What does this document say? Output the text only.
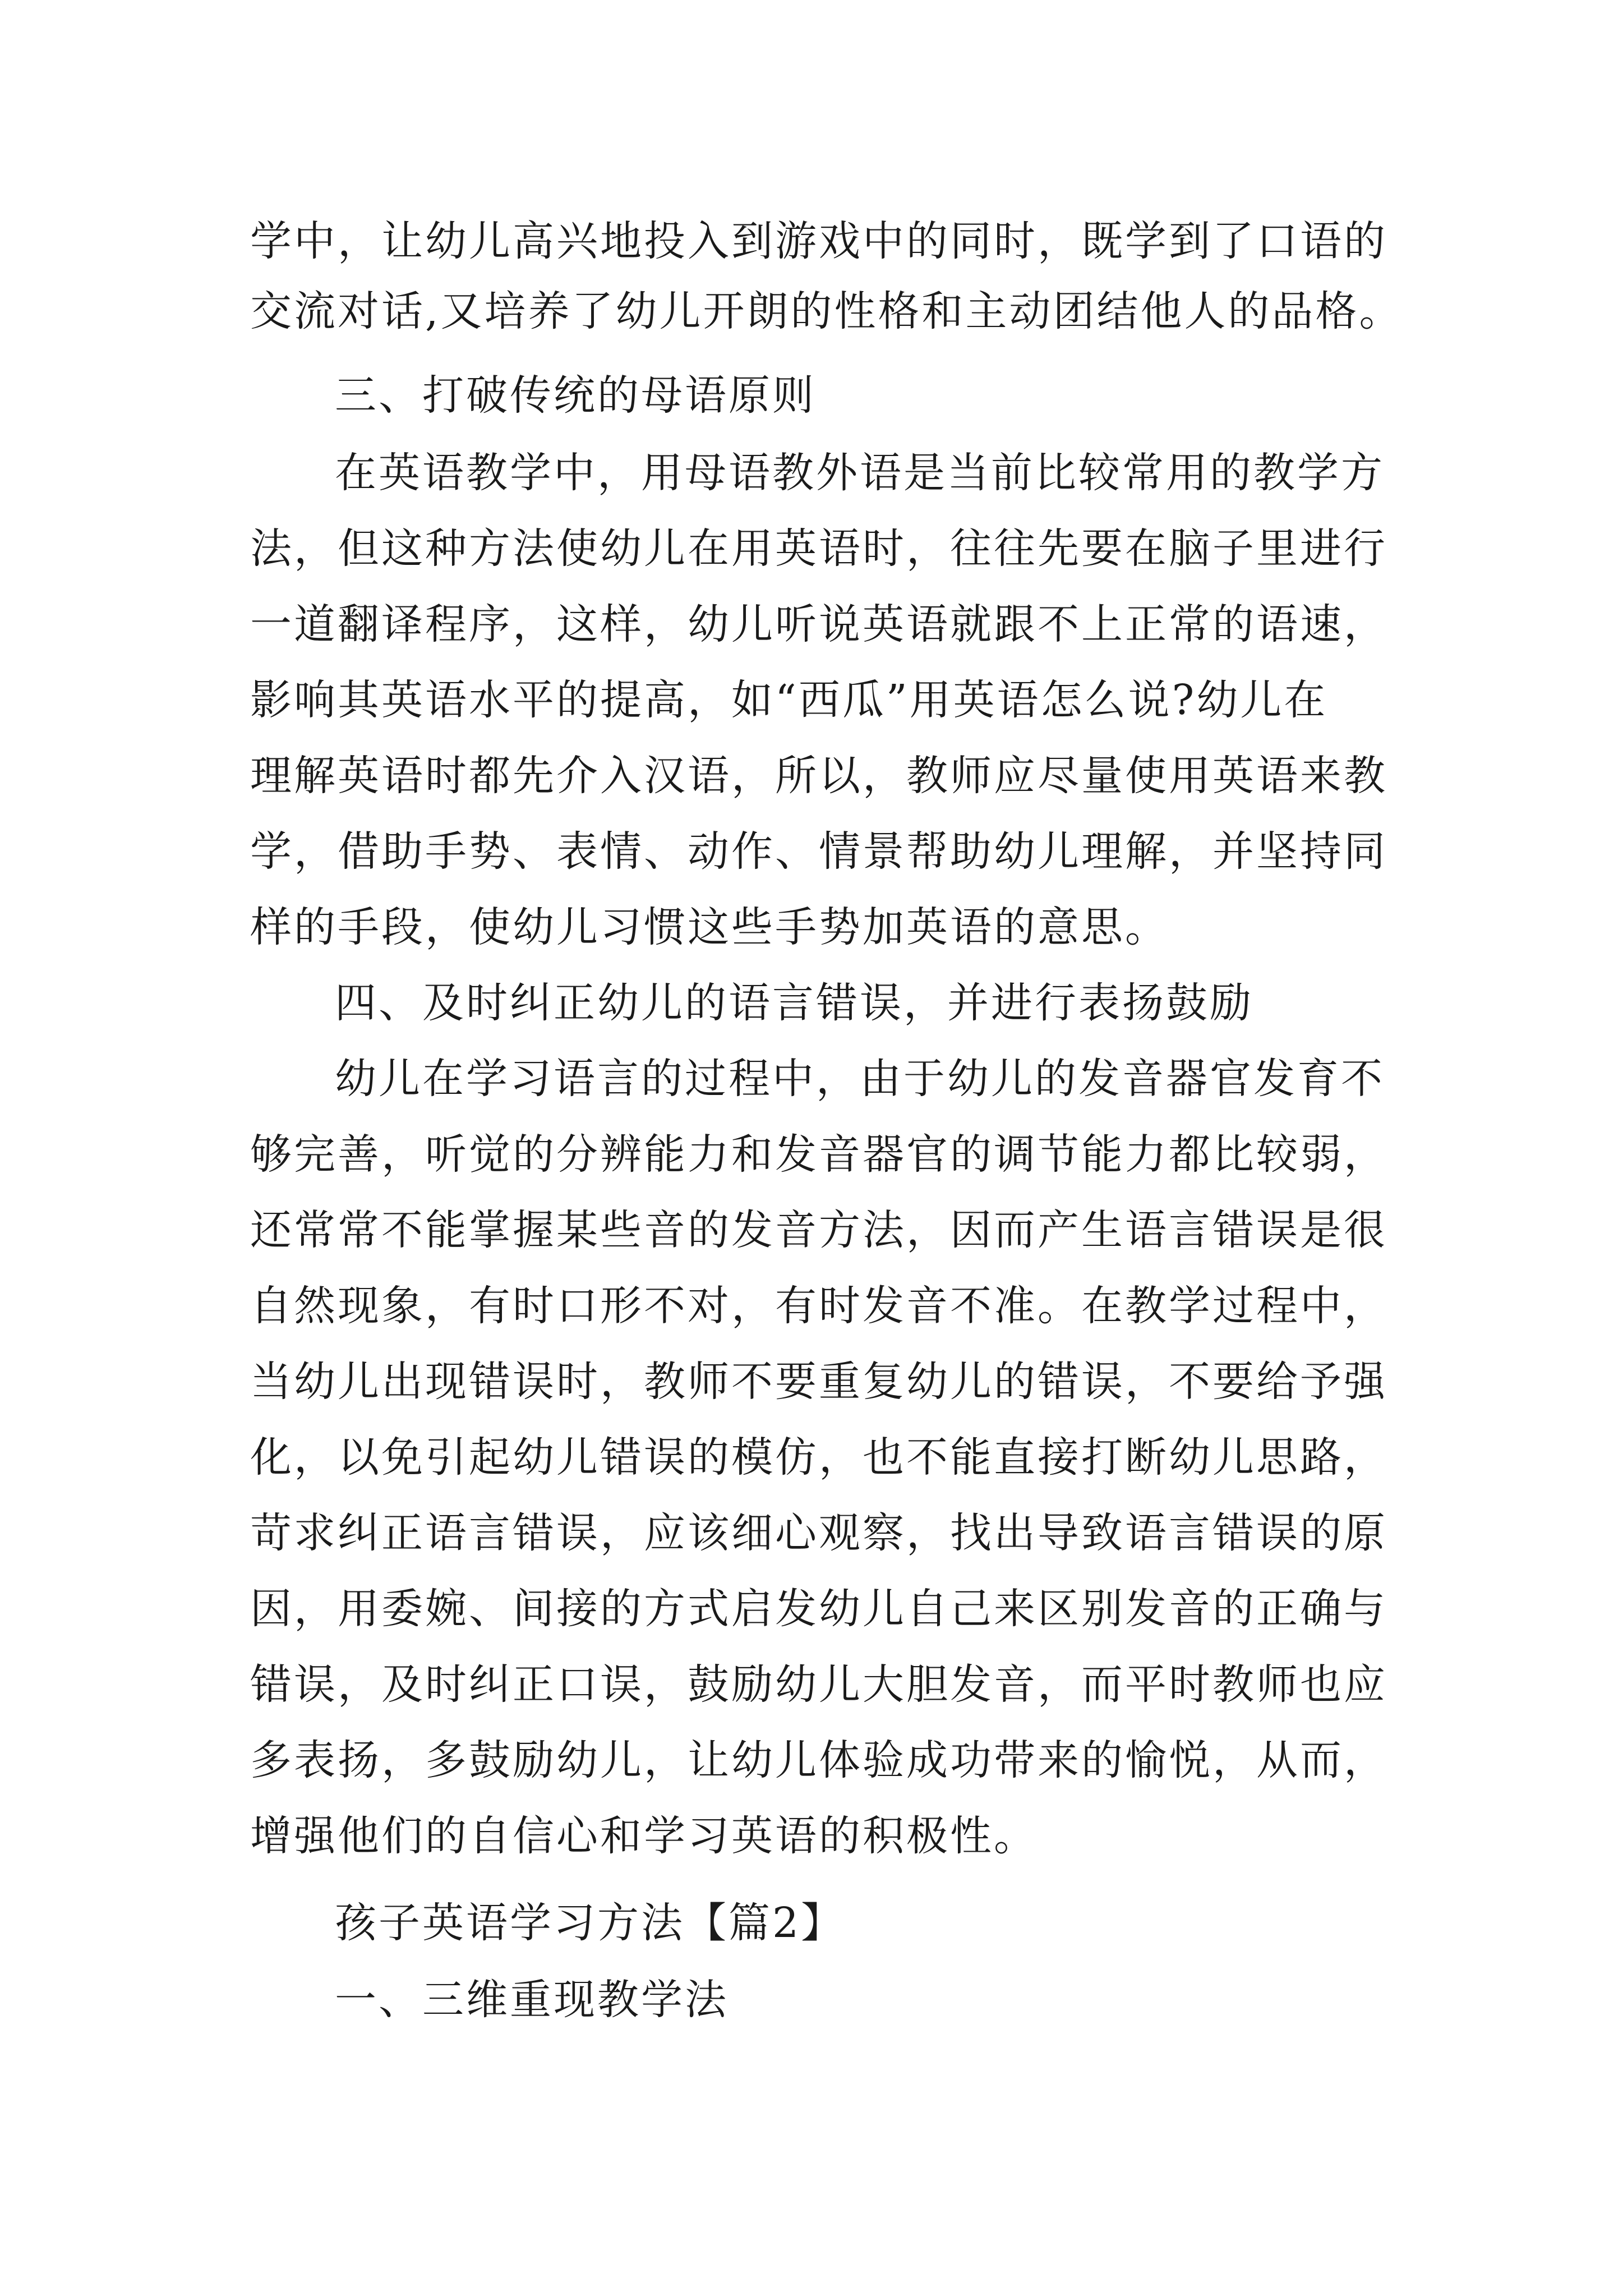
学中，让幼儿高兴地投入到游戏中的同时，既学到了口语的

交流对话,又培养了幼儿开朗的性格和主动团结他人的品格。

三、打破传统的母语原则

在英语教学中，用母语教外语是当前比较常用的教学方

法，但这种方法使幼儿在用英语时，往往先要在脑子里进行

一道翻译程序，这样，幼儿听说英语就跟不上正常的语速，

影响其英语水平的提高，如“西瓜”用英语怎么说?幼儿在

理解英语时都先介入汉语，所以，教师应尽量使用英语来教

学，借助手势、表情、动作、情景帮助幼儿理解，并坚持同

样的手段，使幼儿习惯这些手势加英语的意思。

四、及时纠正幼儿的语言错误，并进行表扬鼓励

幼儿在学习语言的过程中，由于幼儿的发音器官发育不

够完善，听觉的分辨能力和发音器官的调节能力都比较弱，

还常常不能掌握某些音的发音方法，因而产生语言错误是很

自然现象，有时口形不对，有时发音不准。在教学过程中，

当幼儿出现错误时，教师不要重复幼儿的错误，不要给予强

化，以免引起幼儿错误的模仿，也不能直接打断幼儿思路，

苛求纠正语言错误，应该细心观察，找出导致语言错误的原

因，用委婉、间接的方式启发幼儿自己来区别发音的正确与

错误，及时纠正口误，鼓励幼儿大胆发音，而平时教师也应

多表扬，多鼓励幼儿，让幼儿体验成功带来的愉悦，从而，

增强他们的自信心和学习英语的积极性。

孩子英语学习方法【篇2】

一、三维重现教学法
